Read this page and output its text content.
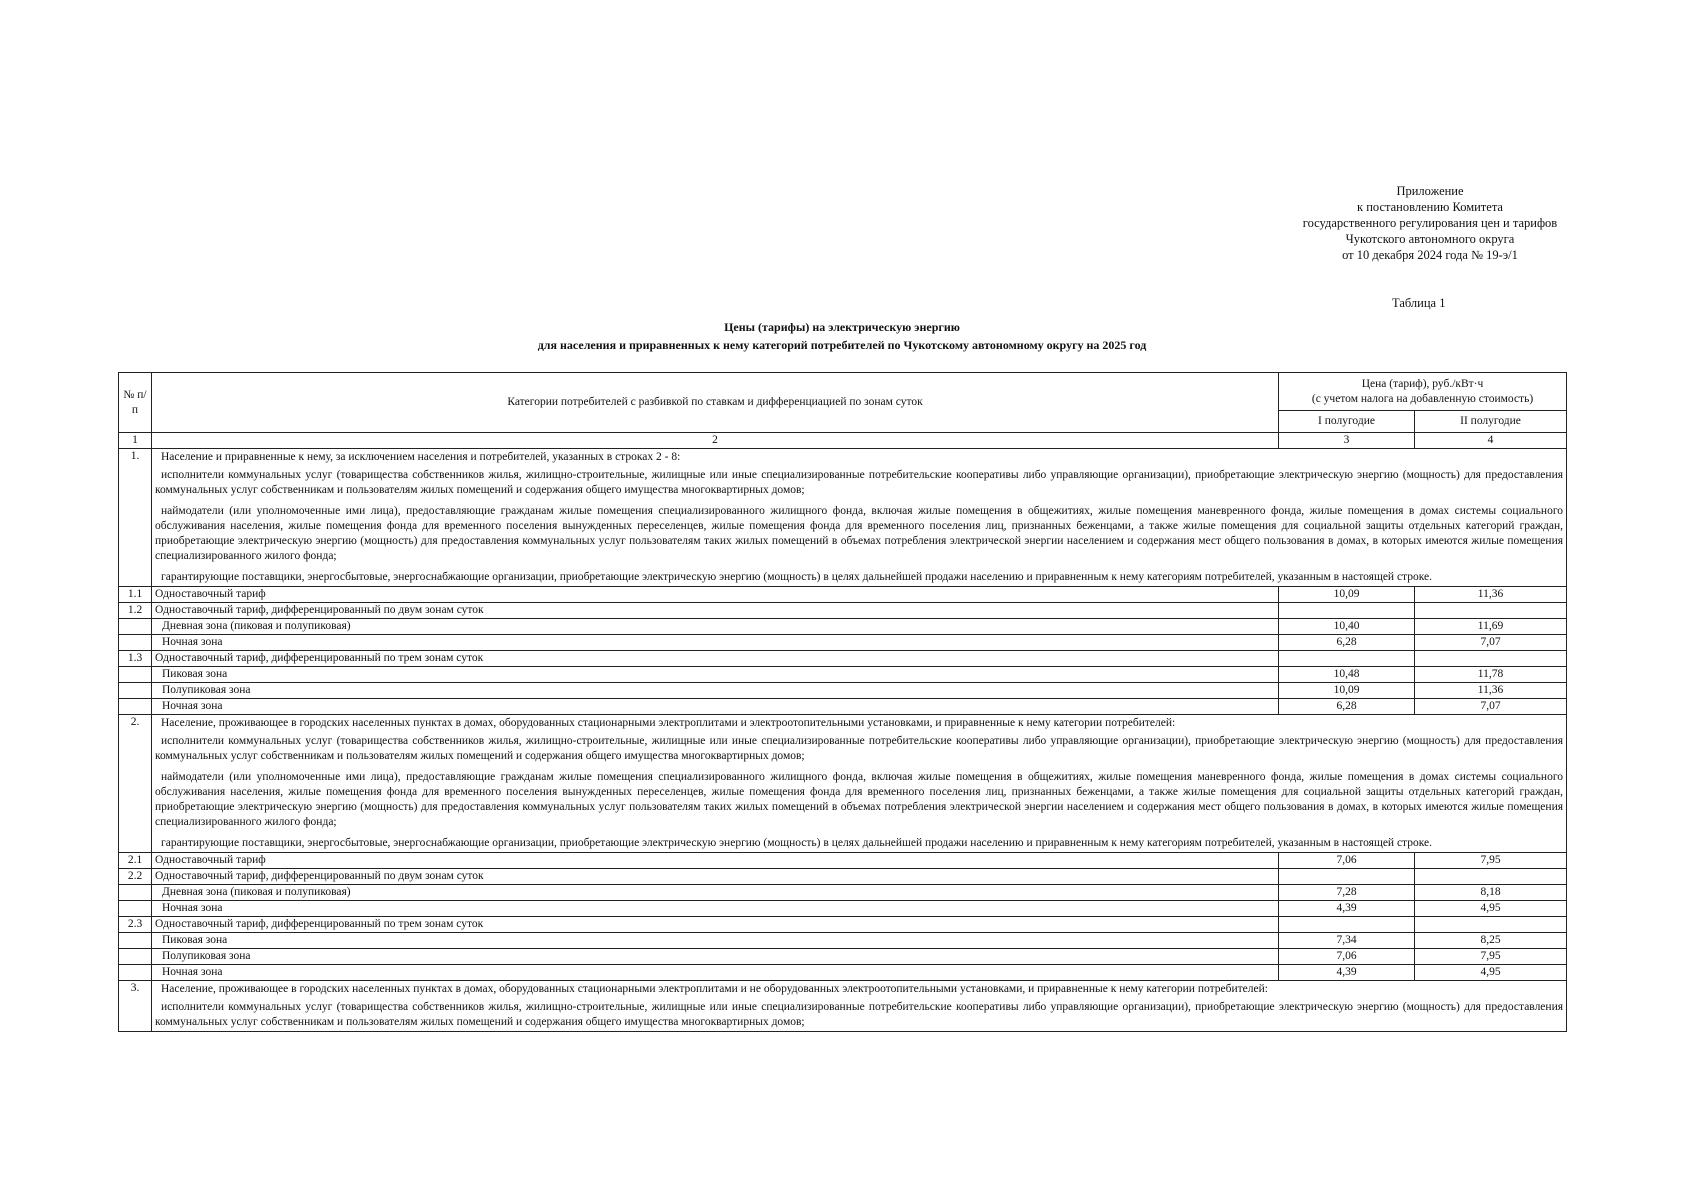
Приложение
к постановлению Комитета
государственного регулирования цен и тарифов
Чукотского автономного округа
от 10 декабря 2024 года № 19-э/1
Таблица 1
Цены (тарифы) на электрическую энергию
для населения и приравненных к нему категорий потребителей по Чукотскому автономному округу на 2025 год
№ п/п	Категории потребителей с разбивкой по ставкам и дифференциацией по зонам суток	Цена (тариф), руб./кВт·ч
(с учетом налога на добавленную стоимость)	

		I полугодие	II полугодие
1	2	3	4
1.	Население и приравненные к нему, за исключением населения и потребителей, указанных в строках 2 - 8:
исполнители коммунальных услуг (товарищества собственников жилья, жилищно-строительные, жилищные или иные специализированные потребительские кооперативы либо управляющие организации), приобретающие электрическую энергию (мощность) для предоставления коммунальных услуг собственникам и пользователям жилых помещений и содержания общего имущества многоквартирных домов;
наймодатели (или уполномоченные ими лица), предоставляющие гражданам жилые помещения специализированного жилищного фонда, включая жилые помещения в общежитиях, жилые помещения маневренного фонда, жилые помещения в домах системы социального обслуживания населения, жилые помещения фонда для временного поселения вынужденных переселенцев, жилые помещения фонда для временного поселения лиц, признанных беженцами, а также жилые помещения для социальной защиты отдельных категорий граждан, приобретающие электрическую энергию (мощность) для предоставления коммунальных услуг пользователям таких жилых помещений в объемах потребления электрической энергии населением и содержания мест общего пользования в домах, в которых имеются жилые помещения специализированного жилого фонда;
гарантирующие поставщики, энергосбытовые, энергоснабжающие организации, приобретающие электрическую энергию (мощность) в целях дальнейшей продажи населению и приравненным к нему категориям потребителей, указанным в настоящей строке.		

1.1	Одноставочный тариф	10,09	11,36
1.2	Одноставочный тариф, дифференцированный по двум зонам суток		
	Дневная зона (пиковая и полупиковая)	10,40	11,69
	Ночная зона	6,28	7,07
1.3	Одноставочный тариф, дифференцированный по трем зонам суток		
	Пиковая зона	10,48	11,78
	Полупиковая зона	10,09	11,36
	Ночная зона	6,28	7,07
2.	Население, проживающее в городских населенных пунктах в домах, оборудованных стационарными электроплитами и электроотопительными установками, и приравненные к нему категории потребителей:
исполнители коммунальных услуг (товарищества собственников жилья, жилищно-строительные, жилищные или иные специализированные потребительские кооперативы либо управляющие организации), приобретающие электрическую энергию (мощность) для предоставления коммунальных услуг собственникам и пользователям жилых помещений и содержания общего имущества многоквартирных домов;
наймодатели (или уполномоченные ими лица), предоставляющие гражданам жилые помещения специализированного жилищного фонда, включая жилые помещения в общежитиях, жилые помещения маневренного фонда, жилые помещения в домах системы социального обслуживания населения, жилые помещения фонда для временного поселения вынужденных переселенцев, жилые помещения фонда для временного поселения лиц, признанных беженцами, а также жилые помещения для социальной защиты отдельных категорий граждан, приобретающие электрическую энергию (мощность) для предоставления коммунальных услуг пользователям таких жилых помещений в объемах потребления электрической энергии населением и содержания мест общего пользования в домах, в которых имеются жилые помещения специализированного жилого фонда;
гарантирующие поставщики, энергосбытовые, энергоснабжающие организации, приобретающие электрическую энергию (мощность) в целях дальнейшей продажи населению и приравненным к нему категориям потребителей, указанным в настоящей строке.		

2.1	Одноставочный тариф	7,06	7,95
2.2	Одноставочный тариф, дифференцированный по двум зонам суток		
	Дневная зона (пиковая и полупиковая)	7,28	8,18
	Ночная зона	4,39	4,95
2.3	Одноставочный тариф, дифференцированный по трем зонам суток		
	Пиковая зона	7,34	8,25
	Полупиковая зона	7,06	7,95
	Ночная зона	4,39	4,95
3.	Население, проживающее в городских населенных пунктах в домах, оборудованных стационарными электроплитами и не оборудованных электроотопительными установками, и приравненные к нему категории потребителей:
исполнители коммунальных услуг (товарищества собственников жилья, жилищно-строительные, жилищные или иные специализированные потребительские кооперативы либо управляющие организации), приобретающие электрическую энергию (мощность) для предоставления коммунальных услуг собственникам и пользователям жилых помещений и содержания общего имущества многоквартирных домов;		
